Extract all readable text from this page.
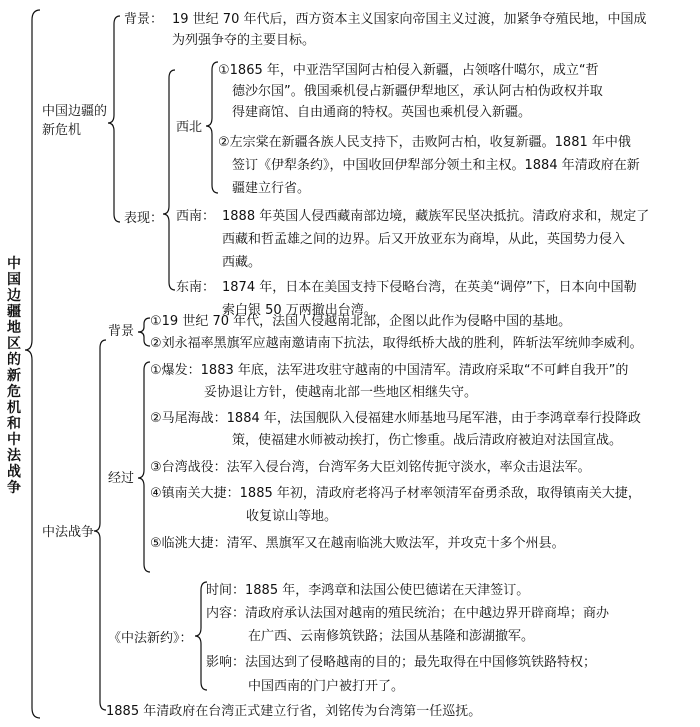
中
国
边
疆
地
区
的
新
危
机
和
中
法
战
争
中国边疆的
新危机
背景： 19 世纪 70 年代后，西方资本主义国家向帝国主义过渡，加紧争夺殖民地，中国成
为列强争夺的主要目标。
表现：
西北
①1865 年，中亚浩罕国阿古柏侵入新疆，占领喀什噶尔，成立“哲
德沙尔国”。俄国乘机侵占新疆伊犁地区，承认阿古柏伪政权并取
得建商馆、自由通商的特权。英国也乘机侵入新疆。
②左宗棠在新疆各族人民支持下，击败阿古柏，收复新疆。1881 年中俄
签订《伊犁条约》，中国收回伊犁部分领土和主权。1884 年清政府在新
疆建立行省。
西南： 1888 年英国人侵西藏南部边境，藏族军民坚决抵抗。清政府求和，规定了
西藏和哲孟雄之间的边界。后又开放亚东为商埠，从此，英国势力侵入
西藏。
东南： 1874 年，日本在美国支持下侵略台湾，在英美“调停”下，日本向中国勒
索白银 50 万两撤出台湾。
中法战争
背景
①19 世纪 70 年代，法国人侵越南北部，企图以此作为侵略中国的基地。
②刘永福率黑旗军应越南邀请南下抗法，取得纸桥大战的胜利，阵斩法军统帅李威利。
经过
①爆发：1883 年底，法军进攻驻守越南的中国清军。清政府采取“不可衅自我开”的
妥协退让方针，使越南北部一些地区相继失守。
②马尾海战：1884 年，法国舰队入侵福建水师基地马尾军港，由于李鸿章奉行投降政
策，使福建水师被动挨打，伤亡惨重。战后清政府被迫对法国宣战。
③台湾战役：法军入侵台湾，台湾军务大臣刘铭传扼守淡水，率众击退法军。
④镇南关大捷：1885 年初，清政府老将冯子材率领清军奋勇杀敌，取得镇南关大捷，
收复谅山等地。
⑤临洮大捷：清军、黑旗军又在越南临洮大败法军，并攻克十多个州县。
《中法新约》：
时间：1885 年，李鸿章和法国公使巴德诺在天津签订。
内容：清政府承认法国对越南的殖民统治；在中越边界开辟商埠；商办
在广西、云南修筑铁路；法国从基隆和澎湖撤军。
影响：法国达到了侵略越南的目的；最先取得在中国修筑铁路特权；
中国西南的门户被打开了。
1885 年清政府在台湾正式建立行省，刘铭传为台湾第一任巡抚。
